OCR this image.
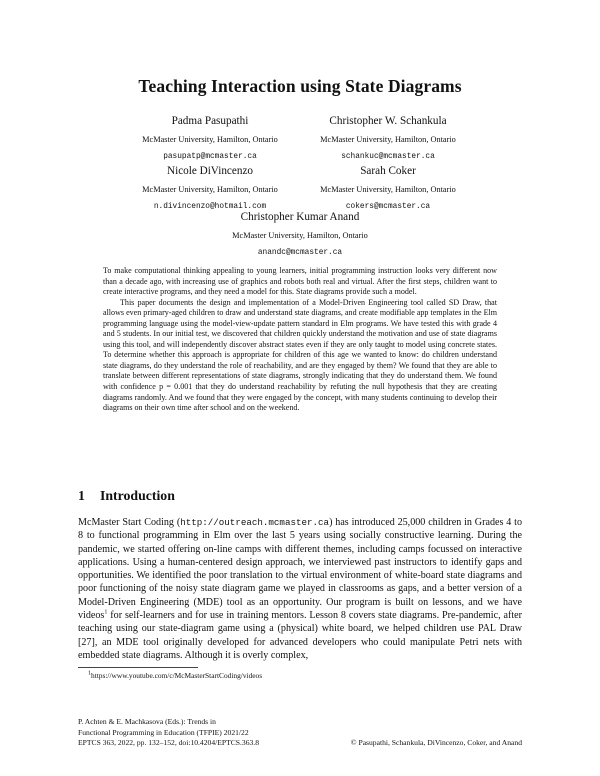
Teaching Interaction using State Diagrams
Padma Pasupathi
McMaster University, Hamilton, Ontario
pasupatp@mcmaster.ca
Christopher W. Schankula
McMaster University, Hamilton, Ontario
schankuc@mcmaster.ca
Nicole DiVincenzo
McMaster University, Hamilton, Ontario
n.divincenzo@hotmail.com
Sarah Coker
McMaster University, Hamilton, Ontario
cokers@mcmaster.ca
Christopher Kumar Anand
McMaster University, Hamilton, Ontario
anandc@mcmaster.ca

To make computational thinking appealing to young learners, initial programming instruction looks very different now than a decade ago, with increasing use of graphics and robots both real and virtual. After the first steps, children want to create interactive programs, and they need a model for this. State diagrams provide such a model.

This paper documents the design and implementation of a Model-Driven Engineering tool called SD Draw, that allows even primary-aged children to draw and understand state diagrams, and create modifiable app templates in the Elm programming language using the model-view-update pattern standard in Elm programs. We have tested this with grade 4 and 5 students. In our initial test, we discovered that children quickly understand the motivation and use of state diagrams using this tool, and will independently discover abstract states even if they are only taught to model using concrete states. To determine whether this approach is appropriate for children of this age we wanted to know: do children understand state diagrams, do they understand the role of reachability, and are they engaged by them? We found that they are able to translate between different representations of state diagrams, strongly indicating that they do understand them. We found with confidence p = 0.001 that they do understand reachability by refuting the null hypothesis that they are creating diagrams randomly. And we found that they were engaged by the concept, with many students continuing to develop their diagrams on their own time after school and on the weekend.

1 Introduction

McMaster Start Coding (http://outreach.mcmaster.ca) has introduced 25,000 children in Grades 4 to 8 to functional programming in Elm over the last 5 years using socially constructive learning. During the pandemic, we started offering on-line camps with different themes, including camps focussed on interactive applications. Using a human-centered design approach, we interviewed past instructors to identify gaps and opportunities. We identified the poor translation to the virtual environment of white-board state diagrams and poor functioning of the noisy state diagram game we played in classrooms as gaps, and a better version of a Model-Driven Engineering (MDE) tool as an opportunity. Our program is built on lessons, and we have videos$^1$ for self-learners and for use in training mentors. Lesson 8 covers state diagrams. Pre-pandemic, after teaching using our state-diagram game using a (physical) white board, we helped children use PAL Draw [27], an MDE tool originally developed for advanced developers who could manipulate Petri nets with embedded state diagrams. Although it is overly complex,

$^1$https://www.youtube.com/c/McMasterStartCoding/videos
P. Achten & E. Machkasova (Eds.): Trends in
Functional Programming in Education (TFPIE) 2021/22
EPTCS 363, 2022, pp. 132–152, doi:10.4204/EPTCS.363.8	© Pasupathi, Schankula, DiVincenzo, Coker, and Anand
